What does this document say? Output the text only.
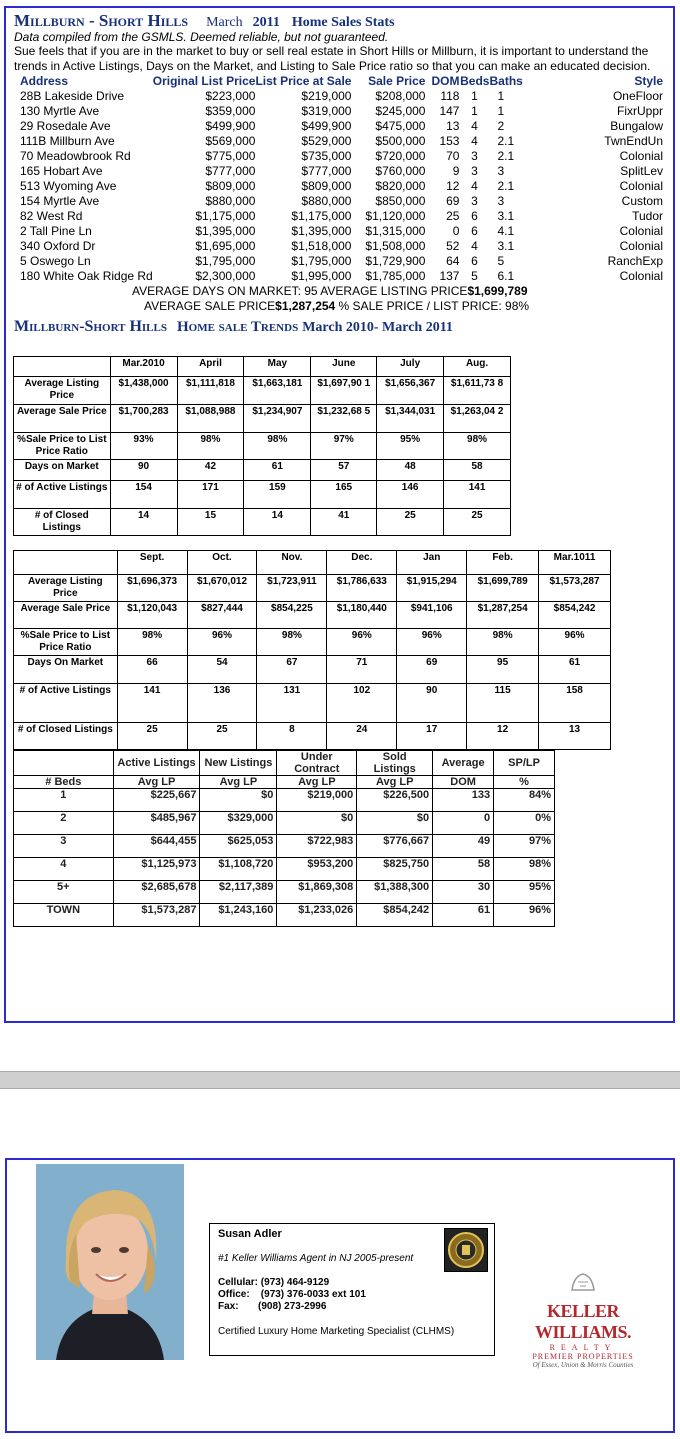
Millburn - Short Hills March 2011 Home Sales Stats
Data compiled from the GSMLS. Deemed reliable, but not guaranteed.
Sue feels that if you are in the market to buy or sell real estate in Short Hills or Millburn, it is important to understand the trends in Active Listings, Days on the Market, and Listing to Sale Price ratio so that you can make an educated decision.
Address	Original List Price	List Price at Sale	Sale Price	DOM	Beds	Baths	Style
28B Lakeside Drive	$223,000	$219,000	$208,000	118	1	1	OneFloor
130 Myrtle Ave	$359,000	$319,000	$245,000	147	1	1	FixrUppr
29 Rosedale Ave	$499,900	$499,900	$475,000	13	4	2	Bungalow
111B Millburn Ave	$569,000	$529,000	$500,000	153	4	2.1	TwnEndUn
70 Meadowbrook Rd	$775,000	$735,000	$720,000	70	3	2.1	Colonial
165 Hobart Ave	$777,000	$777,000	$760,000	9	3	3	SplitLev
513 Wyoming Ave	$809,000	$809,000	$820,000	12	4	2.1	Colonial
154 Myrtle Ave	$880,000	$880,000	$850,000	69	3	3	Custom
82 West Rd	$1,175,000	$1,175,000	$1,120,000	25	6	3.1	Tudor
2 Tall Pine Ln	$1,395,000	$1,395,000	$1,315,000	0	6	4.1	Colonial
340 Oxford Dr	$1,695,000	$1,518,000	$1,508,000	52	4	3.1	Colonial
5 Oswego Ln	$1,795,000	$1,795,000	$1,729,900	64	6	5	RanchExp
180 White Oak Ridge Rd	$2,300,000	$1,995,000	$1,785,000	137	5	6.1	Colonial
AVERAGE DAYS ON MARKET: 95 AVERAGE LISTING PRICE$1,699,789
AVERAGE SALE PRICE$1,287,254 % SALE PRICE / LIST PRICE: 98%
Millburn-Short Hills Home sale Trends March 2010- March 2011
	Mar.2010	April	May	June	July	Aug.
Average Listing Price	$1,438,000	$1,111,818	$1,663,181	$1,697,90 1	$1,656,367	$1,611,73 8
Average Sale Price	$1,700,283	$1,088,988	$1,234,907	$1,232,68 5	$1,344,031	$1,263,04 2
%Sale Price to List Price Ratio	93%	98%	98%	97%	95%	98%
Days on Market	90	42	61	57	48	58
# of Active Listings	154	171	159	165	146	141
# of Closed Listings	14	15	14	41	25	25
	Sept.	Oct.	Nov.	Dec.	Jan	Feb.	Mar.1011
Average Listing Price	$1,696,373	$1,670,012	$1,723,911	$1,786,633	$1,915,294	$1,699,789	$1,573,287
Average Sale Price	$1,120,043	$827,444	$854,225	$1,180,440	$941,106	$1,287,254	$854,242
%Sale Price to List Price Ratio	98%	96%	98%	96%	96%	98%	96%
Days On Market	66	54	67	71	69	95	61
# of Active Listings	141	136	131	102	90	115	158
# of Closed Listings	25	25	8	24	17	12	13
	Active Listings	New Listings	Under Contract	Sold Listings	Average	SP/LP
# Beds	Avg LP	Avg LP	Avg LP	Avg LP	DOM	%
1	$225,667	$0	$219,000	$226,500	133	84%
2	$485,967	$329,000	$0	$0	0	0%
3	$644,455	$625,053	$722,983	$776,667	49	97%
4	$1,125,973	$1,108,720	$953,200	$825,750	58	98%
5+	$2,685,678	$2,117,389	$1,869,308	$1,388,300	30	95%
TOWN	$1,573,287	$1,243,160	$1,233,026	$854,242	61	96%
Susan Adler
#1 Keller Williams Agent in NJ 2005-present
Cellular: (973) 464-9129
Office: (973) 376-0033 ext 101
Fax: (908) 273-2996
Certified Luxury Home Marketing Specialist (CLHMS)
KELLER WILLIAMS.
REALTY
PREMIER PROPERTIES
Of Essex, Union & Morris Counties
